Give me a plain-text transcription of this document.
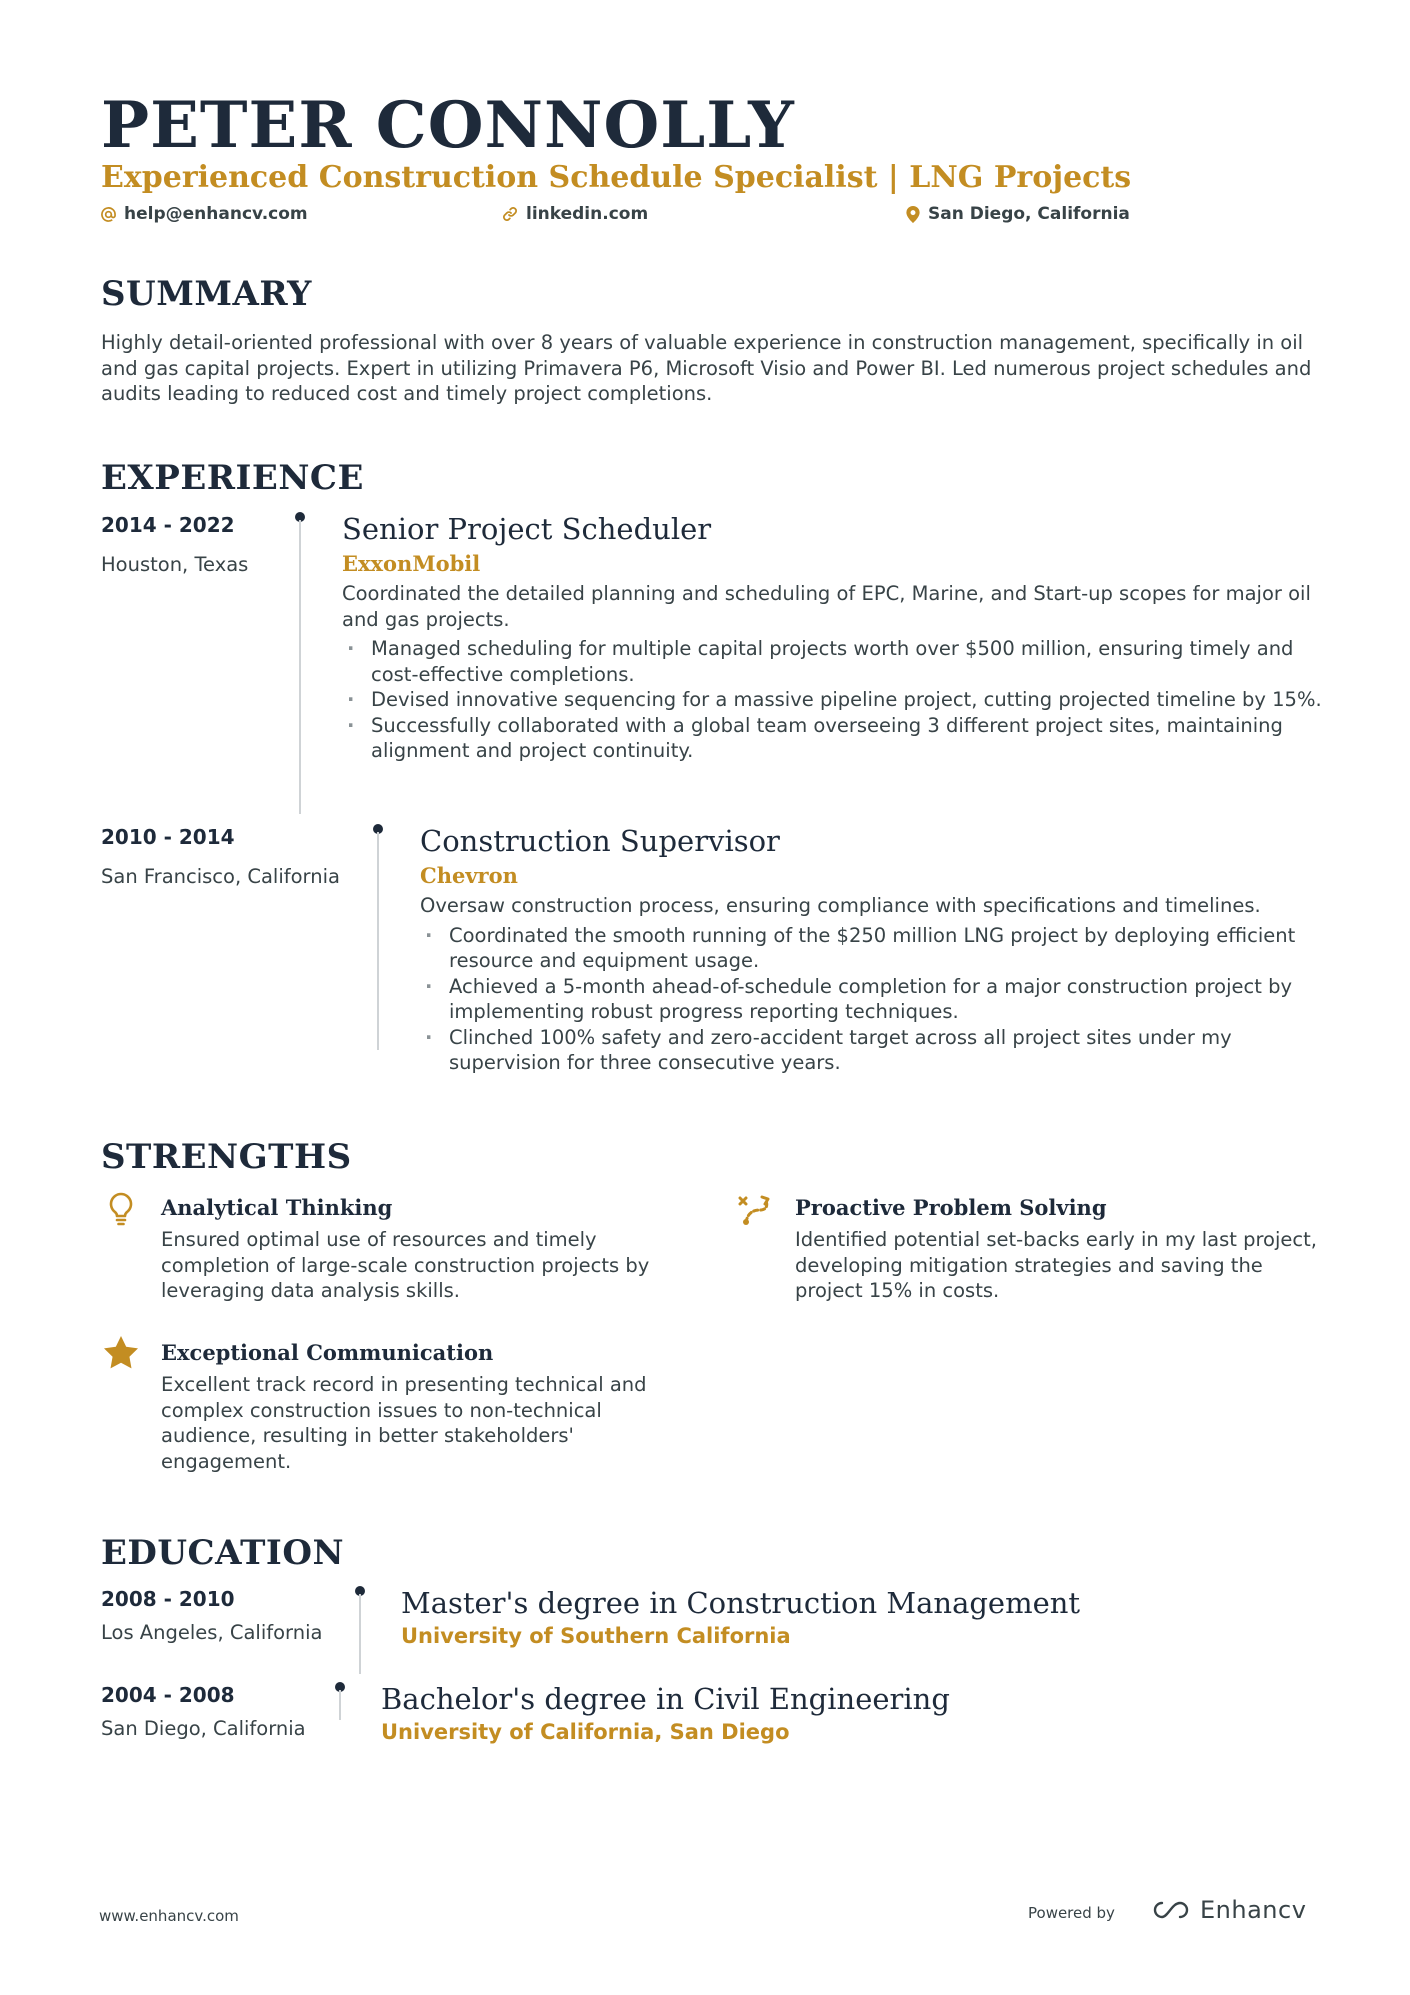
PETER CONNOLLY
Experienced Construction Schedule Specialist | LNG Projects
help@enhancv.com	linkedin.com	San Diego, California
SUMMARY
Highly detail-oriented professional with over 8 years of valuable experience in construction management, specifically in oil and gas capital projects. Expert in utilizing Primavera P6, Microsoft Visio and Power BI. Led numerous project schedules and audits leading to reduced cost and timely project completions.
EXPERIENCE
2014 - 2022
Houston, Texas
Senior Project Scheduler
ExxonMobil
Coordinated the detailed planning and scheduling of EPC, Marine, and Start-up scopes for major oil and gas projects.
· Managed scheduling for multiple capital projects worth over $500 million, ensuring timely and cost-effective completions.
· Devised innovative sequencing for a massive pipeline project, cutting projected timeline by 15%.
· Successfully collaborated with a global team overseeing 3 different project sites, maintaining alignment and project continuity.
2010 - 2014
San Francisco, California
Construction Supervisor
Chevron
Oversaw construction process, ensuring compliance with specifications and timelines.
· Coordinated the smooth running of the $250 million LNG project by deploying efficient resource and equipment usage.
· Achieved a 5-month ahead-of-schedule completion for a major construction project by implementing robust progress reporting techniques.
· Clinched 100% safety and zero-accident target across all project sites under my supervision for three consecutive years.
STRENGTHS
Analytical Thinking
Ensured optimal use of resources and timely completion of large-scale construction projects by leveraging data analysis skills.
Proactive Problem Solving
Identified potential set-backs early in my last project, developing mitigation strategies and saving the project 15% in costs.
Exceptional Communication
Excellent track record in presenting technical and complex construction issues to non-technical audience, resulting in better stakeholders' engagement.
EDUCATION
2008 - 2010
Los Angeles, California
Master's degree in Construction Management
University of Southern California
2004 - 2008
San Diego, California
Bachelor's degree in Civil Engineering
University of California, San Diego
www.enhancv.com	Powered by	Enhancv
